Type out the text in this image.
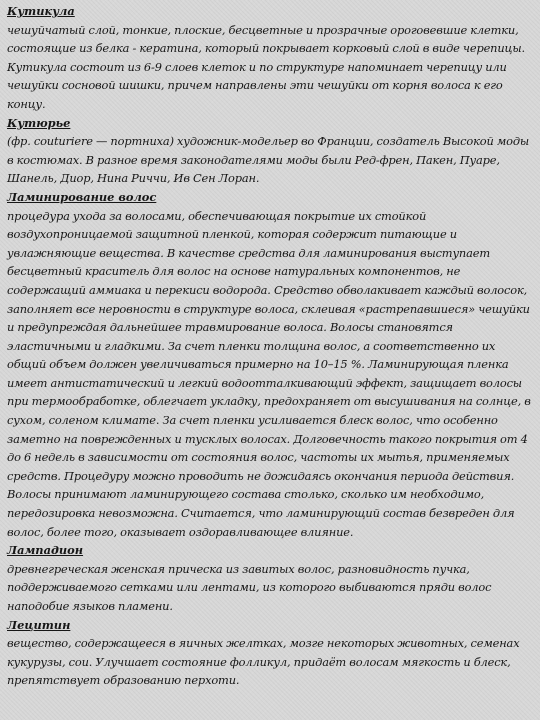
Кутикула

чешуйчатый слой, тонкие, плоские, бесцветные и прозрачные ороговевшие клетки, состоящие из белка - кератина, который покрывает корковый слой в виде черепицы. Кутикула состоит из 6-9 слоев клеток и по структуре напоминает черепицу или чешуйки сосновой шишки, причем направлены эти чешуйки от корня волоса к его концу.

Кутюрье

(фр. couturiere — портниха) художник-модельер во Франции, создатель Высокой моды в костюмах. В разное время законодателями моды были Ред-френ, Пакен, Пуаре, Шанель, Диор, Нина Риччи, Ив Сен Лоран.

Ламинирование волос

процедура ухода за волосами, обеспечивающая покрытие их стойкой воздухопроницаемой защитной пленкой, которая содержит питающие и увлажняющие вещества. В качестве средства для ламинирования выступает бесцветный краситель для волос на основе натуральных компонентов, не содержащий аммиака и перекиси водорода. Средство обволакивает каждый волосок, заполняет все неровности в структуре волоса, склеивая «растрепавшиеся» чешуйки и предупреждая дальнейшее травмирование волоса. Волосы становятся эластичными и гладкими. За счет пленки толщина волос, а соответственно их общий объем должен увеличиваться примерно на 10–15 %. Ламинирующая пленка имеет антистатический и легкий водоотталкивающий эффект, защищает волосы при термообработке, облегчает укладку, предохраняет от высушивания на солнце, в сухом, соленом климате. За счет пленки усиливается блеск волос, что особенно заметно на поврежденных и тусклых волосах. Долговечность такого покрытия от 4 до 6 недель в зависимости от состояния волос, частоты их мытья, применяемых средств. Процедуру можно проводить не дожидаясь окончания периода действия. Волосы принимают ламинирующего состава столько, сколько им необходимо, передозировка невозможна. Считается, что ламинирующий состав безвреден для волос, более того, оказывает оздоравливающее влияние.

Лампадион

древнегреческая женская прическа из завитых волос, разновидность пучка, поддерживаемого сетками или лентами, из которого выбиваются пряди волос наподобие языков пламени.

Лецитин

вещество, содержащееся в яичных желтках, мозге некоторых животных, семенах кукурузы, сои. Улучшает состояние фолликул, придаёт волосам мягкость и блеск, препятствует образованию перхоти.
